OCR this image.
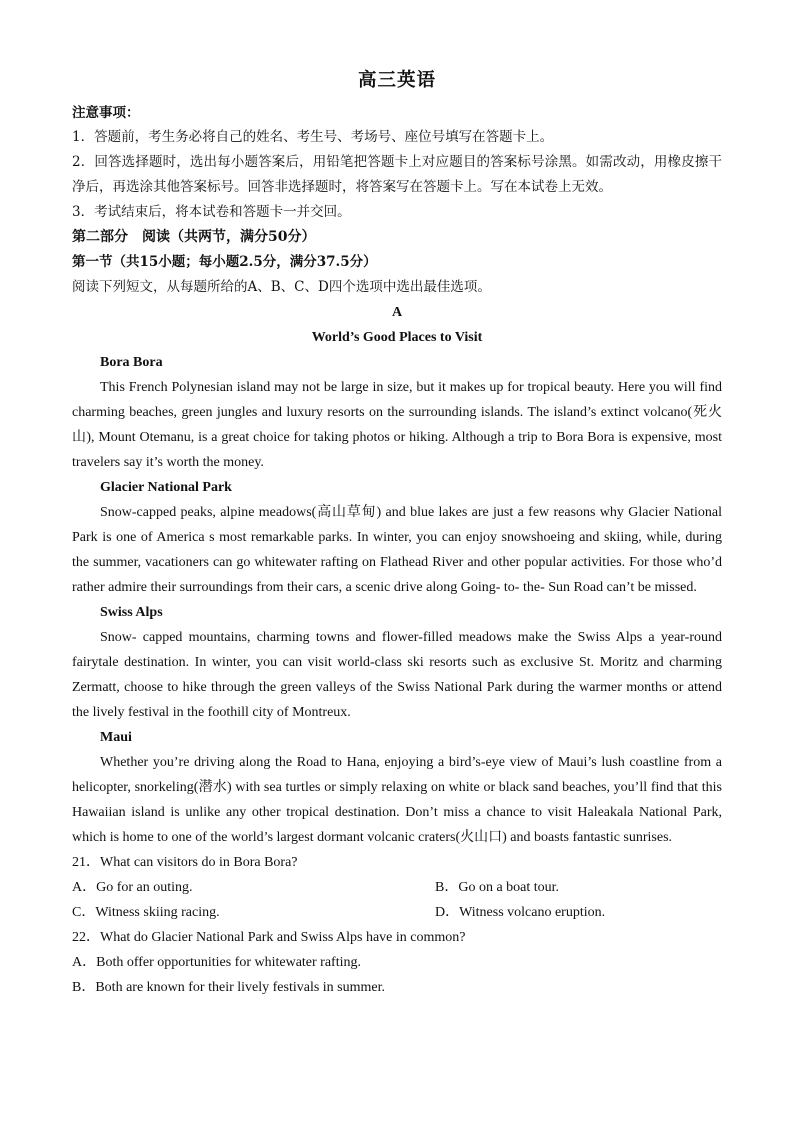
高三英语

注意事项：

1．答题前，考生务必将自己的姓名、考生号、考场号、座位号填写在答题卡上。

2．回答选择题时，选出每小题答案后，用铅笔把答题卡上对应题目的答案标号涂黑。如需改动，用橡皮擦干净后，再选涂其他答案标号。回答非选择题时，将答案写在答题卡上。写在本试卷上无效。

3．考试结束后，将本试卷和答题卡一并交回。

第二部分　阅读（共两节，满分50分）

第一节（共15小题；每小题2.5分，满分37.5分）

阅读下列短文，从每题所给的A、B、C、D四个选项中选出最佳选项。

A

World’s Good Places to Visit

Bora Bora

This French Polynesian island may not be large in size, but it makes up for tropical beauty. Here you will find charming beaches, green jungles and luxury resorts on the surrounding islands. The island’s extinct volcano(死火山), Mount Otemanu, is a great choice for taking photos or hiking. Although a trip to Bora Bora is expensive, most travelers say it’s worth the money.

Glacier National Park

Snow-capped peaks, alpine meadows(高山草甸) and blue lakes are just a few reasons why Glacier National Park is one of America s most remarkable parks. In winter, you can enjoy snowshoeing and skiing, while, during the summer, vacationers can go whitewater rafting on Flathead River and other popular activities. For those who’d rather admire their surroundings from their cars, a scenic drive along Going- to- the- Sun Road can’t be missed.

Swiss Alps

Snow- capped mountains, charming towns and flower-filled meadows make the Swiss Alps a year-round fairytale destination. In winter, you can visit world-class ski resorts such as exclusive St. Moritz and charming Zermatt, choose to hike through the green valleys of the Swiss National Park during the warmer months or attend the lively festival in the foothill city of Montreux.

Maui

Whether you’re driving along the Road to Hana, enjoying a bird’s-eye view of Maui’s lush coastline from a helicopter, snorkeling(潜水) with sea turtles or simply relaxing on white or black sand beaches, you’ll find that this Hawaiian island is unlike any other tropical destination. Don’t miss a chance to visit Haleakala National Park, which is home to one of the world’s largest dormant volcanic craters(火山口) and boasts fantastic sunrises.

21．What can visitors do in Bora Bora?

A．Go for an outing.	B．Go on a boat tour.

C．Witness skiing racing.	D．Witness volcano eruption.

22．What do Glacier National Park and Swiss Alps have in common?

A．Both offer opportunities for whitewater rafting.

B．Both are known for their lively festivals in summer.
